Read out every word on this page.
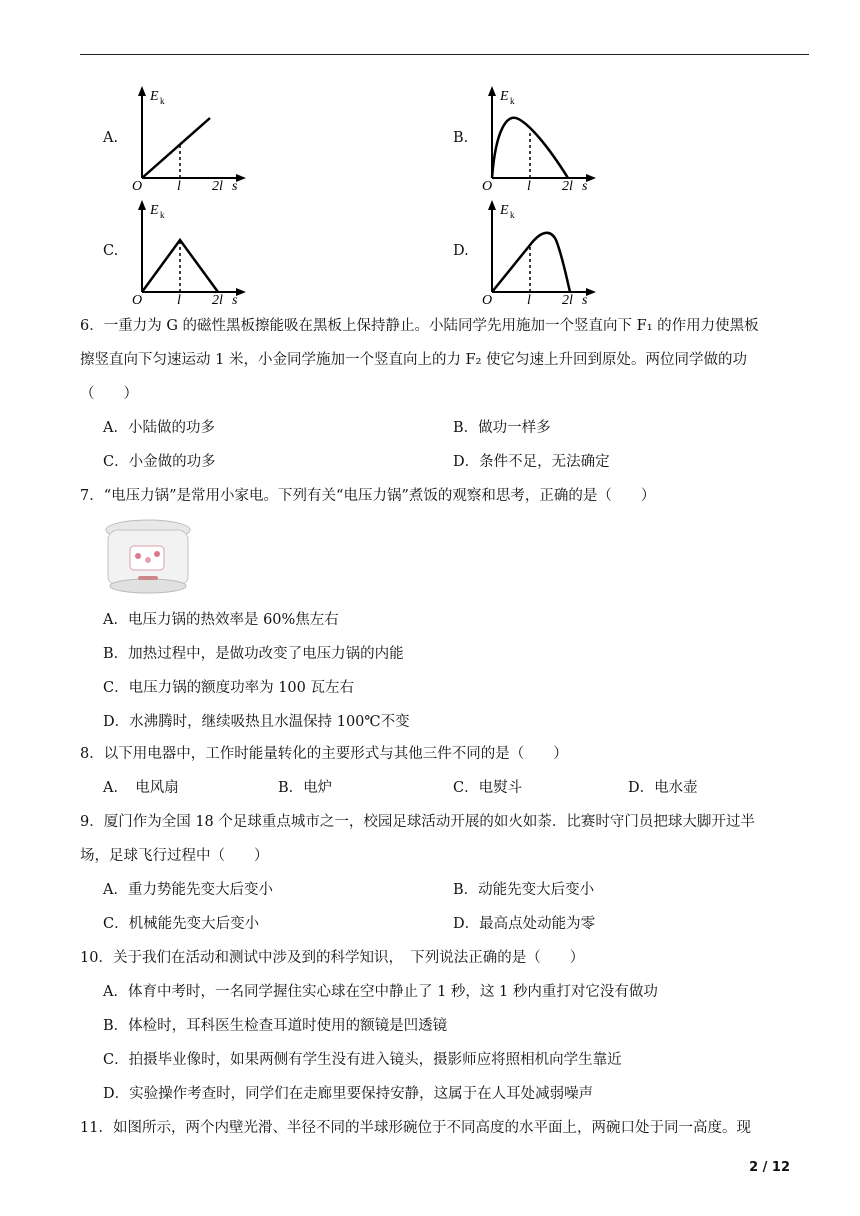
A.	B.
C.	D.
E k
O l 2l s
E k
O l 2l s
E k
O l 2l s
E k
O l 2l s
6．一重力为 G 的磁性黑板擦能吸在黑板上保持静止。小陆同学先用施加一个竖直向下 F₁ 的作用力使黑板
擦竖直向下匀速运动 1 米，小金同学施加一个竖直向上的力 F₂ 使它匀速上升回到原处。两位同学做的功
（　　）
A．小陆做的功多	B．做功一样多
C．小金做的功多	D．条件不足，无法确定
7．“电压力锅”是常用小家电。下列有关“电压力锅”煮饭的观察和思考，正确的是（　　）
A．电压力锅的热效率是 60%焦左右
B．加热过程中，是做功改变了电压力锅的内能
C．电压力锅的额度功率为 100 瓦左右
D．水沸腾时，继续吸热且水温保持 100℃不变
8．以下用电器中，工作时能量转化的主要形式与其他三件不同的是（　　）
A．　电风扇	B．电炉	C．电熨斗	D．电水壶
9．厦门作为全国 18 个足球重点城市之一，校园足球活动开展的如火如荼．比赛时守门员把球大脚开过半
场，足球飞行过程中（　　）
A．重力势能先变大后变小	B．动能先变大后变小
C．机械能先变大后变小	D．最高点处动能为零
10．关于我们在活动和测试中涉及到的科学知识，　下列说法正确的是（　　）
A．体育中考时，一名同学握住实心球在空中静止了 1 秒，这 1 秒内重打对它没有做功
B．体检时，耳科医生检查耳道时使用的额镜是凹透镜
C．拍摄毕业像时，如果两侧有学生没有进入镜头，摄影师应将照相机向学生靠近
D．实验操作考查时，同学们在走廊里要保持安静，这属于在人耳处减弱噪声
11．如图所示，两个内壁光滑、半径不同的半球形碗位于不同高度的水平面上，两碗口处于同一高度。现
2 / 12
